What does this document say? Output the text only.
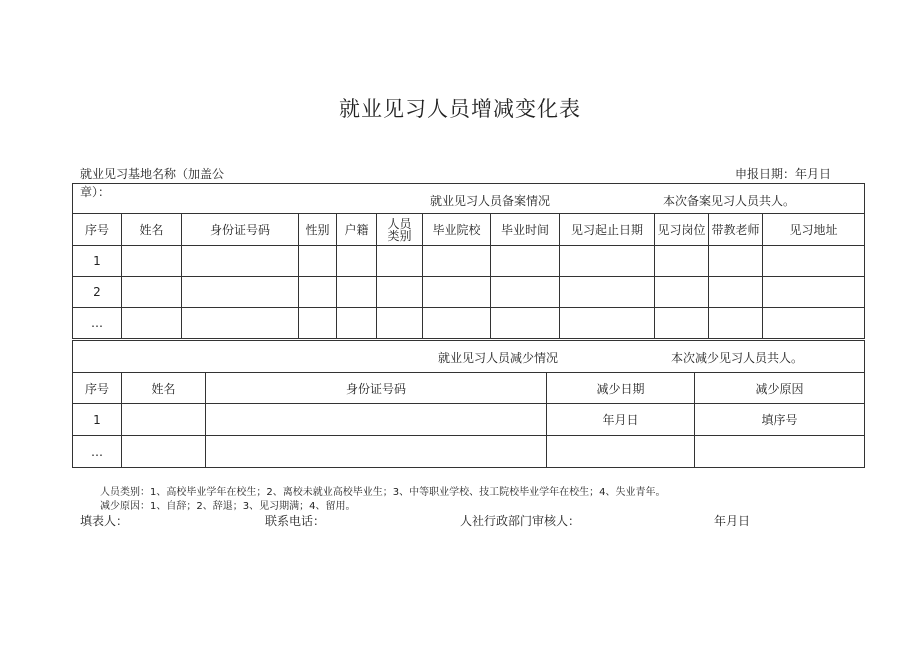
就业见习人员增减变化表
就业见习基地名称（加盖公
章）：
申报日期：年月日
就业见习人员备案情况 本次备案见习人员共人。											

序号	姓名	身份证号码	性别	户籍	人员类别	毕业院校	毕业时间	见习起止日期	见习岗位	带教老师	见习地址
1											
2											
…											
就业见习人员减少情况 本次减少见习人员共人。				

序号	姓名	身份证号码	减少日期	减少原因
1			年月日	填序号
…				
人员类别：1、高校毕业学年在校生；2、离校未就业高校毕业生；3、中等职业学校、技工院校毕业学年在校生；4、失业青年。
减少原因：1、自辞；2、辞退；3、见习期满；4、留用。
填表人：	联系电话：	人社行政部门审核人：	年月日
